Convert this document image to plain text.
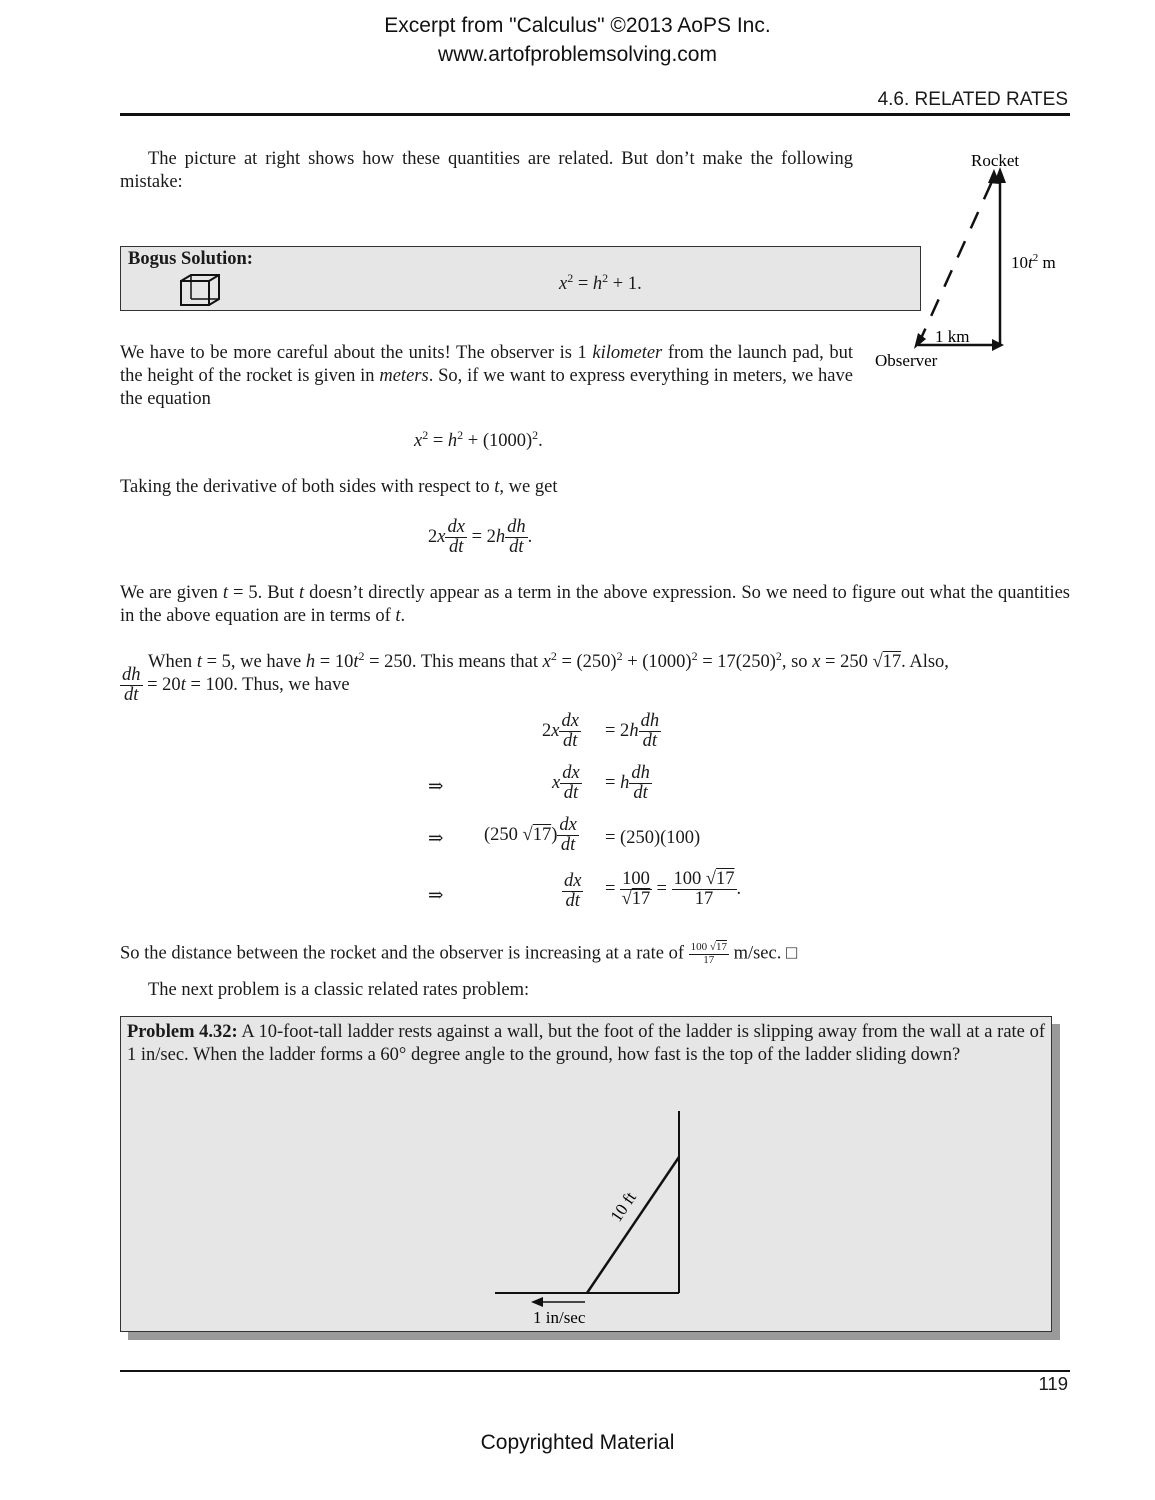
Excerpt from "Calculus" ©2013 AoPS Inc.
www.artofproblemsolving.com
4.6. RELATED RATES

The picture at right shows how these quantities are related. But don’t make the following mistake:

Rocket
$10t^2$ m
1 km
Observer
Bogus Solution:
$x^2 = h^2 + 1$.

We have to be more careful about the units! The observer is 1 kilometer from the launch pad, but the height of the rocket is given in meters. So, if we want to express everything in meters, we have the equation

$x^2 = h^2 + (1000)^2$.

Taking the derivative of both sides with respect to t, we get

$2x \frac{dx}{dt} = 2h \frac{dh}{dt}$ .

We are given t = 5. But t doesn’t directly appear as a term in the above expression. So we need to figure out what the quantities in the above equation are in terms of t.

When t = 5, we have $h = 10t^2 = 250$. This means that $x^2 = (250)^2 + (1000)^2 = 17(250)^2$, so x = 250 √17. Also,

$\frac{dh}{dt} = 20t = 100$. Thus, we have
$2x \frac{dx}{dt} = 2h \frac{dh}{dt}$
⇒	x $\frac{dx}{dt} = h \frac{dh}{dt}$
⇒ (250 $√17) \frac{dx}{dt} = (250)(100)$
⇒	$\frac{dx}{dt} = \frac{100}{√17} = \frac{100 √17}{17}$ .

So the distance between the rocket and the observer is increasing at a rate of $\frac{100 √17}{17} m/\sec$. □

The next problem is a classic related rates problem:

Problem 4.32: A 10-foot-tall ladder rests against a wall, but the foot of the ladder is slipping away from the wall at a rate of 1 in/sec. When the ladder forms a 60° degree angle to the ground, how fast is the top of the ladder sliding down?

10 ft
1 in/sec
119
Copyrighted Material
